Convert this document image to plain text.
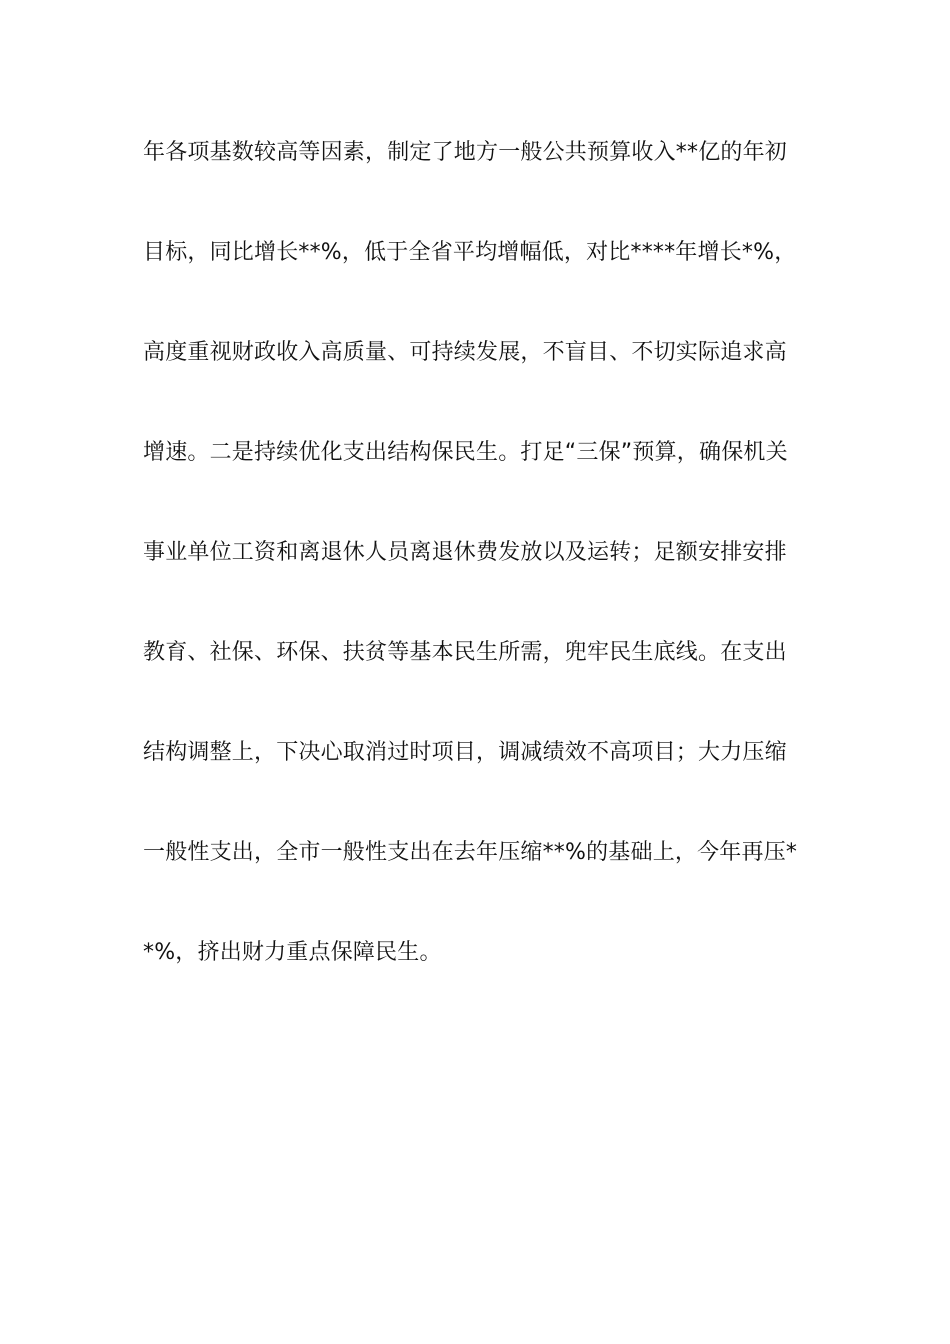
年各项基数较高等因素，制定了地方一般公共预算收入**亿的年初
目标，同比增长**%，低于全省平均增幅低，对比****年增长*%，
高度重视财政收入高质量、可持续发展，不盲目、不切实际追求高
增速。二是持续优化支出结构保民生。打足“三保”预算，确保机关
事业单位工资和离退休人员离退休费发放以及运转；足额安排安排
教育、社保、环保、扶贫等基本民生所需，兜牢民生底线。在支出
结构调整上，下决心取消过时项目，调减绩效不高项目；大力压缩
一般性支出，全市一般性支出在去年压缩**%的基础上，今年再压*
*%，挤出财力重点保障民生。
